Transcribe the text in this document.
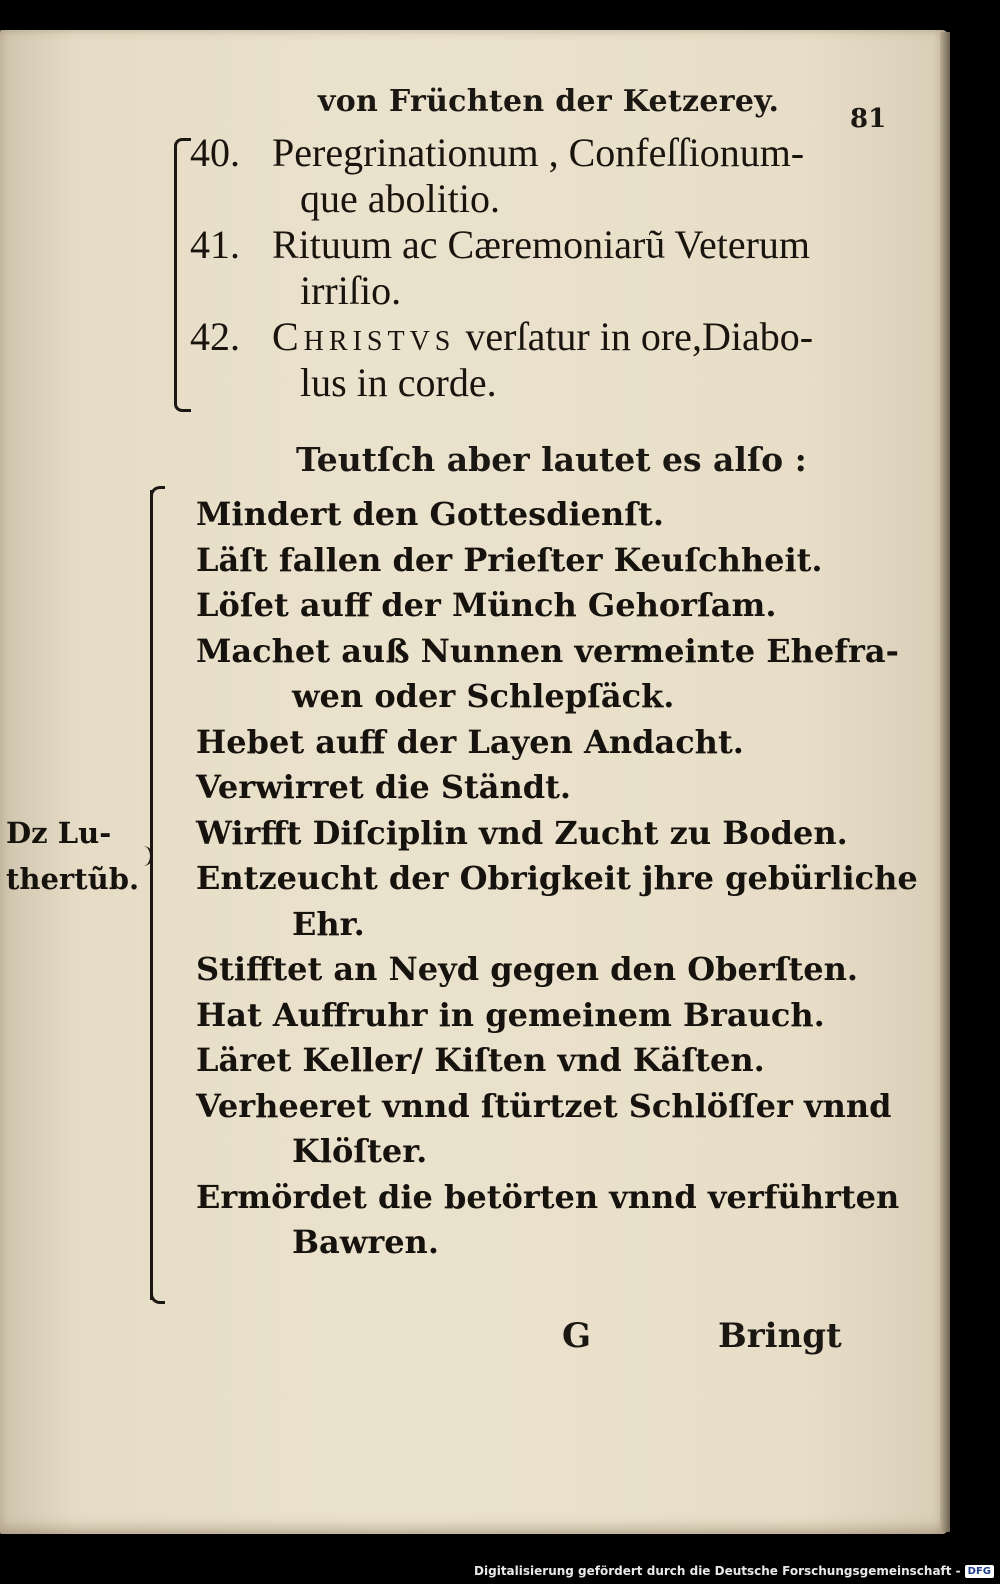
von Früchten der Ketzerey.	81
40. Peregrinationum , Confeſſionum-
que abolitio.
41. Rituum ac Cæremoniarũ Veterum
irriſio.
42. Christvs verſatur in ore,Diabo-
lus in corde.
Teutſch aber lautet es alſo :
Dz Lu-
thertũb.
Mindert den Gottesdienſt.
Läſt fallen der Prieſter Keuſchheit.
Löſet auff der Münch Gehorſam.
Machet auß Nunnen vermeinte Ehefra-
wen oder Schlepſäck.
Hebet auff der Layen Andacht.
Verwirret die Ständt.
Wirfft Diſciplin vnd Zucht zu Boden.
Entzeucht der Obrigkeit jhre gebürliche
Ehr.
Stifftet an Neyd gegen den Oberſten.
Hat Auffruhr in gemeinem Brauch.
Läret Keller/ Kiſten vnd Käſten.
Verheeret vnnd ſtürtzet Schlöſſer vnnd
Klöſter.
Ermördet die betörten vnnd verführten
Bawren.
G	Bringt
Digitalisierung gefördert durch die Deutsche Forschungsgemeinschaft - DFG
